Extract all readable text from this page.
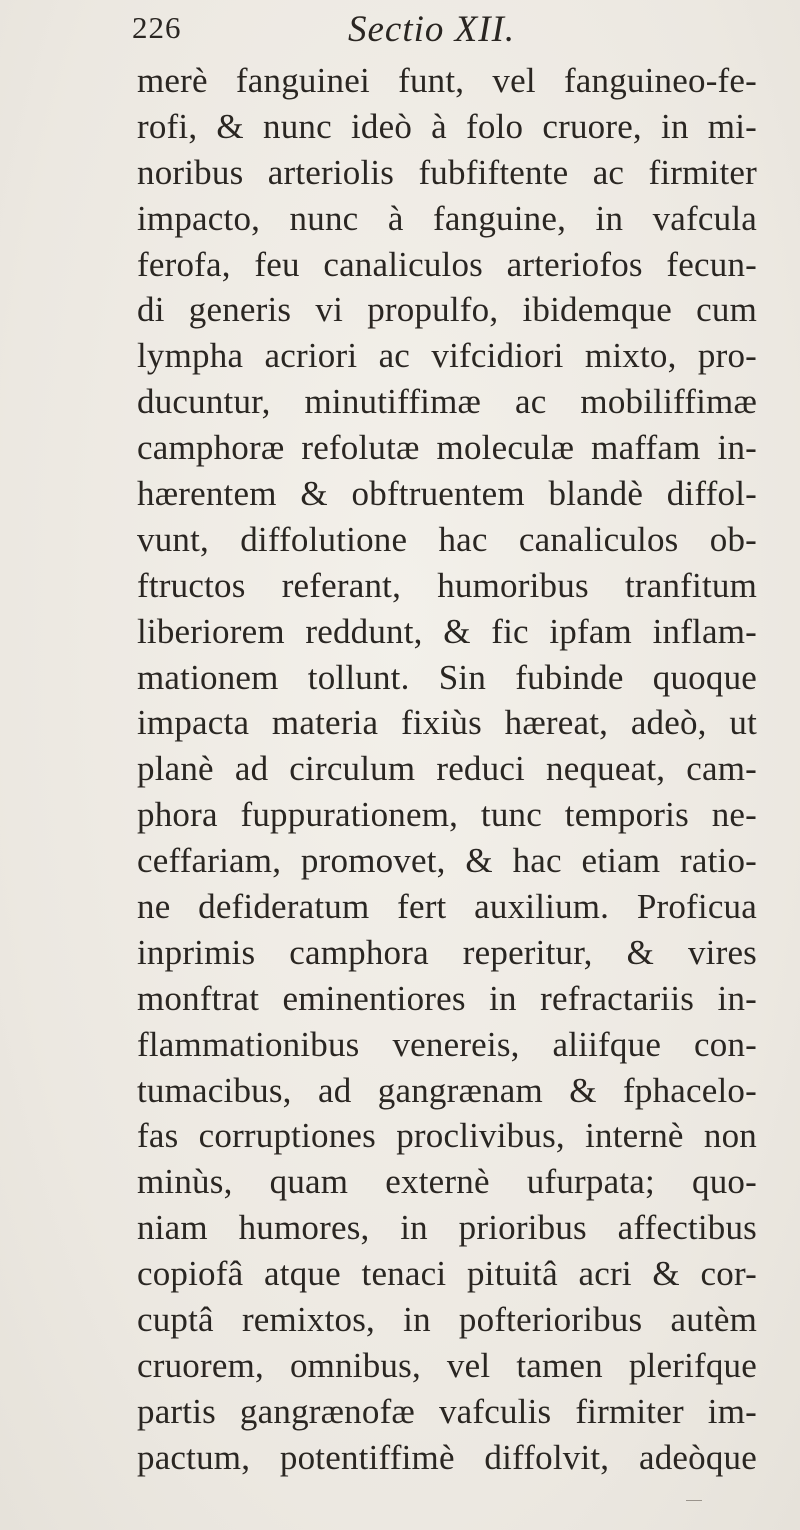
226	Sectio XII.
merè fanguinei funt, vel fanguineo-fe-
rofi, & nunc ideò à folo cruore, in mi-
noribus arteriolis fubfiftente ac firmiter
impacto, nunc à fanguine, in vafcula
ferofa, feu canaliculos arteriofos fecun-
di generis vi propulfo, ibidemque cum
lympha acriori ac vifcidiori mixto, pro-
ducuntur, minutiffimæ ac mobiliffimæ
camphoræ refolutæ moleculæ maffam in-
hærentem & obftruentem blandè diffol-
vunt, diffolutione hac canaliculos ob-
ftructos referant, humoribus tranfitum
liberiorem reddunt, & fic ipfam inflam-
mationem tollunt. Sin fubinde quoque
impacta materia fixiùs hæreat, adeò, ut
planè ad circulum reduci nequeat, cam-
phora fuppurationem, tunc temporis ne-
ceffariam, promovet, & hac etiam ratio-
ne defideratum fert auxilium. Proficua
inprimis camphora reperitur, & vires
monftrat eminentiores in refractariis in-
flammationibus venereis, aliifque con-
tumacibus, ad gangrænam & fphacelo-
fas corruptiones proclivibus, internè non
minùs, quam externè ufurpata; quo-
niam humores, in prioribus affectibus
copiofâ atque tenaci pituitâ acri & cor-
cuptâ remixtos, in pofterioribus autèm
cruorem, omnibus, vel tamen plerifque
partis gangrænofæ vafculis firmiter im-
pactum, potentiffimè diffolvit, adeòque
